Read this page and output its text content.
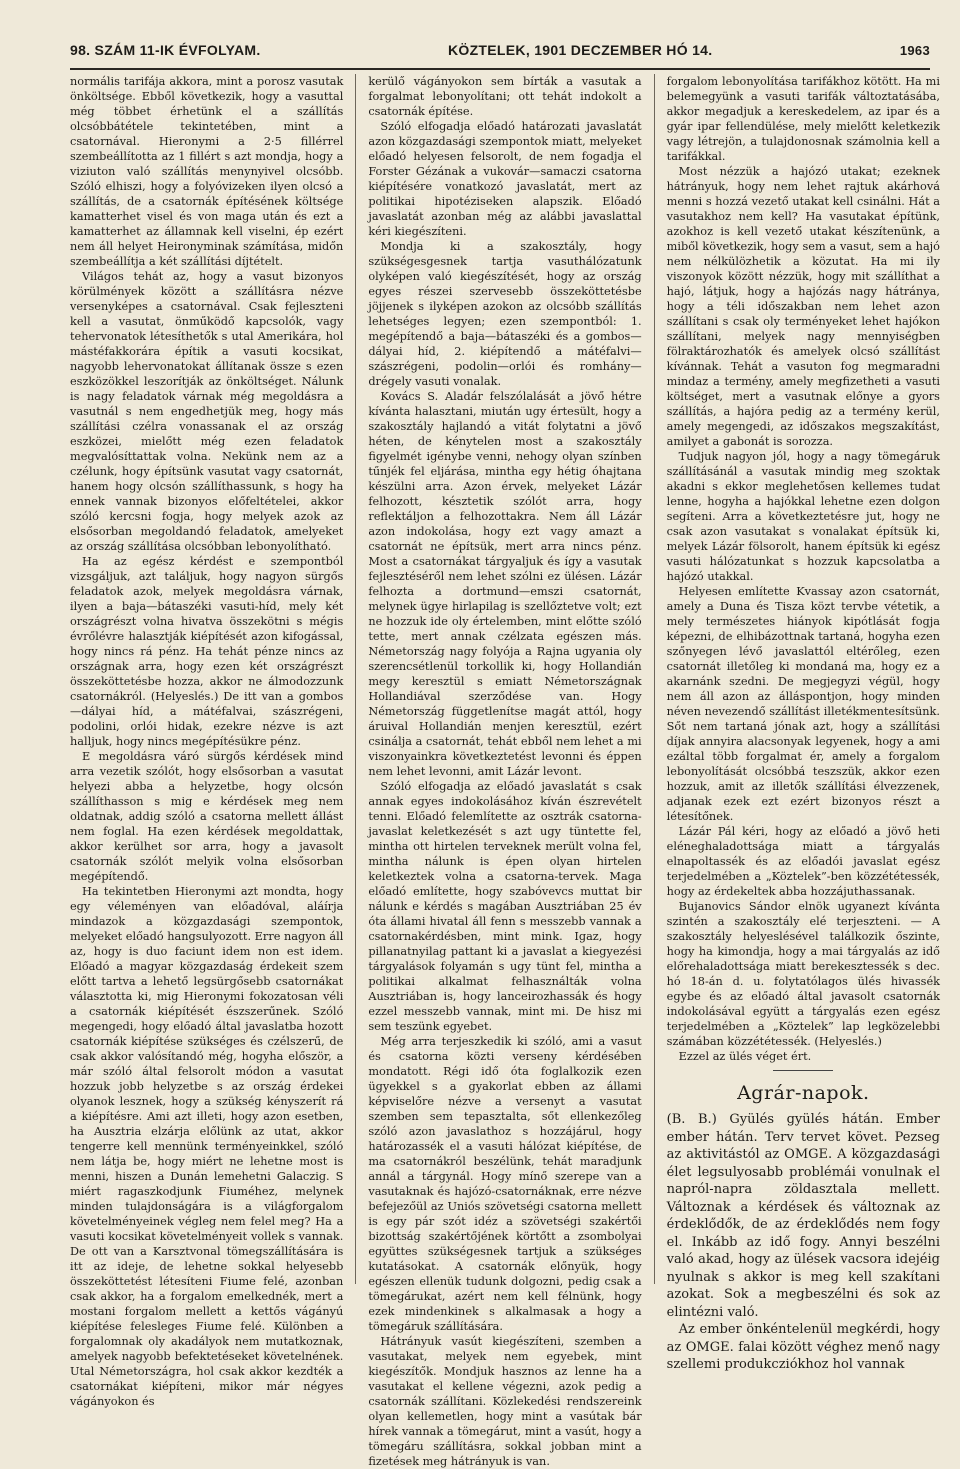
98. SZÁM 11-IK ÉVFOLYAM.	KÖZTELEK, 1901 DECZEMBER HÓ 14.	1963

normális tarifája akkora, mint a porosz vasutak önköltsége. Ebből következik, hogy a vasuttal még többet érhetünk el a szállítás olcsóbbátétele tekintetében, mint a csatornával. Hieronymi a 2·5 fillérrel szembeállította az 1 fillért s azt mondja, hogy a viziuton való szállítás menynyivel olcsóbb. Szóló elhiszi, hogy a folyóvizeken ilyen olcsó a szállítás, de a csatornák építésének költsége kamatterhet visel és von maga után és ezt a kamatterhet az államnak kell viselni, ép ezért nem áll helyet Heironyminak számítása, midőn szembeállítja a két szállítási díjtételt.

Világos tehát az, hogy a vasut bizonyos körülmények között a szállításra nézve versenyképes a csatornával. Csak fejleszteni kell a vasutat, önműködő kapcsolók, vagy tehervonatok létesíthetők s utal Amerikára, hol mástéfakkorára építik a vasuti kocsikat, nagyobb lehervonatokat állítanak össze s ezen eszközökkel leszorítják az önköltséget. Nálunk is nagy feladatok várnak még megoldásra a vasutnál s nem engedhetjük meg, hogy más szállítási czélra vonassanak el az ország eszközei, mielőtt még ezen feladatok megvalósíttattak volna. Nekünk nem az a czélunk, hogy építsünk vasutat vagy csatornát, hanem hogy olcsón szállíthassunk, s hogy ha ennek vannak bizonyos előfeltételei, akkor szóló kercsni fogja, hogy melyek azok az elsősorban megoldandó feladatok, amelyeket az ország szállítása olcsóbban lebonyolítható.

Ha az egész kérdést e szempontból vizsgáljuk, azt találjuk, hogy nagyon sürgős feladatok azok, melyek megoldásra várnak, ilyen a baja—bátaszéki vasuti-híd, mely két országrészt volna hivatva összekötni s mégis évrőlévre halasztják kiépítését azon kifogással, hogy nincs rá pénz. Ha tehát pénze nincs az országnak arra, hogy ezen két országrészt összeköttetésbe hozza, akkor ne álmodozzunk csatornákról. (Helyeslés.) De itt van a gombos—dályai híd, a mátéfalvai, szászrégeni, podolini, orlói hidak, ezekre nézve is azt halljuk, hogy nincs megépítésükre pénz.

E megoldásra váró sürgős kérdések mind arra vezetik szólót, hogy elsősorban a vasutat helyezi abba a helyzetbe, hogy olcsón szállíthasson s mig e kérdések meg nem oldatnak, addig szóló a csatorna mellett állást nem foglal. Ha ezen kérdések megoldattak, akkor kerülhet sor arra, hogy a javasolt csatornák szólót melyik volna elsősorban megépítendő.

Ha tekintetben Hieronymi azt mondta, hogy egy véleményen van előadóval, aláírja mindazok a közgazdasági szempontok, melyeket előadó hangsulyozott. Erre nagyon áll az, hogy is duo faciunt idem non est idem. Előadó a magyar közgazdaság érdekeit szem előtt tartva a lehető legsürgősebb csatornákat választotta ki, mig Hieronymi fokozatosan véli a csatornák kiépítését észszerűnek. Szóló megengedi, hogy előadó által javaslatba hozott csatornák kiépítése szükséges és czélszerű, de csak akkor valósítandó még, hogyha először, a már szóló által felsorolt módon a vasutat hozzuk jobb helyzetbe s az ország érdekei olyanok lesznek, hogy a szükség kényszerít rá a kiépítésre. Ami azt illeti, hogy azon esetben, ha Ausztria elzárja előlünk az utat, akkor tengerre kell mennünk terményeinkkel, szóló nem látja be, hogy miért ne lehetne most is menni, hiszen a Dunán lemehetni Galaczig. S miért ragaszkodjunk Fiuméhez, melynek minden tulajdonságára is a világforgalom követelményeinek végleg nem felel meg? Ha a vasuti kocsikat követelményeit vollek s vannak. De ott van a Karsztvonal tömegszállítására is itt az ideje, de lehetne sokkal helyesebb összeköttetést létesíteni Fiume felé, azonban csak akkor, ha a forgalom emelkednék, mert a mostani forgalom mellett a kettős vágányú kiépítése felesleges Fiume felé. Különben a forgalomnak oly akadályok nem mutatkoznak, amelyek nagyobb befektetéseket követelnének. Utal Németországra, hol csak akkor kezdték a csatornákat kiépíteni, mikor már négyes vágányokon és

kerülő vágányokon sem bírták a vasutak a forgalmat lebonyolítani; ott tehát indokolt a csatornák építése.

Szóló elfogadja előadó határozati javaslatát azon közgazdasági szempontok miatt, melyeket előadó helyesen felsorolt, de nem fogadja el Forster Gézának a vukovár—samaczi csatorna kiépítésére vonatkozó javaslatát, mert az politikai hipotéziseken alapszik. Előadó javaslatát azonban még az alábbi javaslattal kéri kiegészíteni.

Mondja ki a szakosztály, hogy szükségesgesnek tartja vasuthálózatunk olyképen való kiegészítését, hogy az ország egyes részei szervesebb összeköttetésbe jöjjenek s ilyképen azokon az olcsóbb szállítás lehetséges legyen; ezen szempontból: 1. megépítendő a baja—bátaszéki és a gombos—dályai híd, 2. kiépítendő a mátéfalvi—szászrégeni, podolin—orlói és romhány—drégely vasuti vonalak.

Kovács S. Aladár felszólalását a jövő hétre kívánta halasztani, miután ugy értesült, hogy a szakosztály hajlandó a vitát folytatni a jövő héten, de kénytelen most a szakosztály figyelmét igénybe venni, nehogy olyan színben tűnjék fel eljárása, mintha egy hétig óhajtana készülni arra. Azon érvek, melyeket Lázár felhozott, késztetik szólót arra, hogy reflektáljon a felhozottakra. Nem áll Lázár azon indokolása, hogy ezt vagy amazt a csatornát ne építsük, mert arra nincs pénz. Most a csatornákat tárgyaljuk és így a vasutak fejlesztéséről nem lehet szólni ez ülésen. Lázár felhozta a dortmund—emszi csatornát, melynek ügye hirlapilag is szellőztetve volt; ezt ne hozzuk ide oly értelemben, mint előtte szóló tette, mert annak czélzata egészen más. Németország nagy folyója a Rajna ugyania oly szerencsétlenül torkollik ki, hogy Hollandián megy keresztül s emiatt Németországnak Hollandiával szerződése van. Hogy Németország függetlenítse magát attól, hogy áruival Hollandián menjen keresztül, ezért csinálja a csatornát, tehát ebből nem lehet a mi viszonyainkra következtetést levonni és éppen nem lehet levonni, amit Lázár levont.

Szóló elfogadja az előadó javaslatát s csak annak egyes indokolásához kíván észrevételt tenni. Előadó felemlítette az osztrák csatorna-javaslat keletkezését s azt ugy tüntette fel, mintha ott hirtelen terveknek merült volna fel, mintha nálunk is épen olyan hirtelen keletkeztek volna a csatorna-tervek. Maga előadó említette, hogy szabóvevcs muttat bir nálunk e kérdés s magában Ausztriában 25 év óta állami hivatal áll fenn s messzebb vannak a csatornakérdésben, mint mink. Igaz, hogy pillanatnyilag pattant ki a javaslat a kiegyezési tárgyalások folyamán s ugy tünt fel, mintha a politikai alkalmat felhasználták volna Ausztriában is, hogy lanceirozhassák és hogy ezzel messzebb vannak, mint mi. De hisz mi sem teszünk egyebet.

Még arra terjeszkedik ki szóló, ami a vasut és csatorna közti verseny kérdésében mondatott. Régi idő óta foglalkozik ezen ügyekkel s a gyakorlat ebben az állami képviselőre nézve a versenyt a vasutat szemben sem tepasztalta, sőt ellenkezőleg szóló azon javaslathoz s hozzájárul, hogy határozassék el a vasuti hálózat kiépítése, de ma csatornákról beszélünk, tehát maradjunk annál a tárgynál. Hogy mínő szerepe van a vasutaknak és hajózó-csatornáknak, erre nézve befejezőül az Uniós szövetségi csatorna mellett is egy pár szót idéz a szövetségi szakértői bizottság szakértőjének körtőtt a zsombolyai együttes szükségesnek tartjuk a szükséges kutatásokat. A csatornák előnyük, hogy egészen ellenük tudunk dolgozni, pedig csak a tömegárukat, azért nem kell félnünk, hogy ezek mindenkinek s alkalmasak a hogy a tömegáruk szállítására.

Hátrányuk vasút kiegészíteni, szemben a vasutakat, melyek nem egyebek, mint kiegészítők. Mondjuk hasznos az lenne ha a vasutakat el kellene végezni, azok pedig a csatornák szállítani. Közlekedési rendszereink olyan kellemetlen, hogy mint a vasútak bár hírek vannak a tömegárut, mint a vasút, hogy a tömegáru szállításra, sokkal jobban mint a fizetések meg hátrányuk is van.

forgalom lebonyolítása tarifákhoz kötött. Ha mi belemegyünk a vasuti tarifák változtatásába, akkor megadjuk a kereskedelem, az ipar és a gyár ipar fellendülése, mely mielőtt keletkezik vagy létrejön, a tulajdonosnak számolnia kell a tarifákkal.

Most nézzük a hajózó utakat; ezeknek hátrányuk, hogy nem lehet rajtuk akárhová menni s hozzá vezető utakat kell csinálni. Hát a vasutakhoz nem kell? Ha vasutakat építünk, azokhoz is kell vezető utakat készítenünk, a miből következik, hogy sem a vasut, sem a hajó nem nélkülözhetik a közutat. Ha mi ily viszonyok között nézzük, hogy mit szállíthat a hajó, látjuk, hogy a hajózás nagy hátránya, hogy a téli időszakban nem lehet azon szállítani s csak oly terményeket lehet hajókon szállítani, melyek nagy mennyiségben fölraktározhatók és amelyek olcsó szállítást kívánnak. Tehát a vasuton fog megmaradni mindaz a termény, amely megfizetheti a vasuti költséget, mert a vasutnak előnye a gyors szállítás, a hajóra pedig az a termény kerül, amely megengedi, az időszakos megszakítást, amilyet a gabonát is sorozza.

Tudjuk nagyon jól, hogy a nagy tömegáruk szállításánál a vasutak mindig meg szoktak akadni s ekkor meglehetősen kellemes tudat lenne, hogyha a hajókkal lehetne ezen dolgon segíteni. Arra a következtetésre jut, hogy ne csak azon vasutakat s vonalakat építsük ki, melyek Lázár fölsorolt, hanem építsük ki egész vasuti hálózatunkat s hozzuk kapcsolatba a hajózó utakkal.

Helyesen említette Kvassay azon csatornát, amely a Duna és Tisza közt tervbe vétetik, a mely természetes hiányok kipótlását fogja képezni, de elhibázottnak tartaná, hogyha ezen szőnyegen lévő javaslattól eltérőleg, ezen csatornát illetőleg ki mondaná ma, hogy ez a akarnánk szedni. De megjegyzi végül, hogy nem áll azon az álláspontjon, hogy minden néven nevezendő szállítást illetékmentesítsünk. Sőt nem tartaná jónak azt, hogy a szállítási díjak annyira alacsonyak legyenek, hogy a ami ezáltal több forgalmat ér, amely a forgalom lebonyolítását olcsóbbá teszszük, akkor ezen hozzuk, amit az illetők szállítási élvezzenek, adjanak ezek ezt ezért bizonyos részt a létesítőnek.

Lázár Pál kéri, hogy az előadó a jövő heti eléneghaladottsága miatt a tárgyalás elnapoltassék és az előadói javaslat egész terjedelmében a „Köztelek”-ben közzététessék, hogy az érdekeltek abba hozzájuthassanak.

Bujanovics Sándor elnök ugyanezt kívánta szintén a szakosztály elé terjeszteni. — A szakosztály helyeslésével találkozik őszinte, hogy ha kimondja, hogy a mai tárgyalás az idő előrehaladottsága miatt berekesztessék s dec. hó 18-án d. u. folytatólagos ülés hivassék egybe és az előadó által javasolt csatornák indokolásával együtt a tárgyalás ezen egész terjedelmében a „Köztelek” lap legközelebbi számában közzététessék. (Helyeslés.)

Ezzel az ülés véget ért.

Agrár-napok.

(B. B.) Gyülés gyülés hátán. Ember ember hátán. Terv tervet követ. Pezseg az aktivitástól az OMGE. A közgazdasági élet legsulyosabb problémái vonulnak el napról-napra zöldasztala mellett. Változnak a kérdések és változnak az érdeklődők, de az érdeklődés nem fogy el. Inkább az idő fogy. Annyi beszélni való akad, hogy az ülések vacsora idejéig nyulnak s akkor is meg kell szakítani azokat. Sok a megbeszélni és sok az elintézni való.

Az ember önkéntelenül megkérdi, hogy az OMGE. falai között véghez menő nagy szellemi produkcziókhoz hol vannak
